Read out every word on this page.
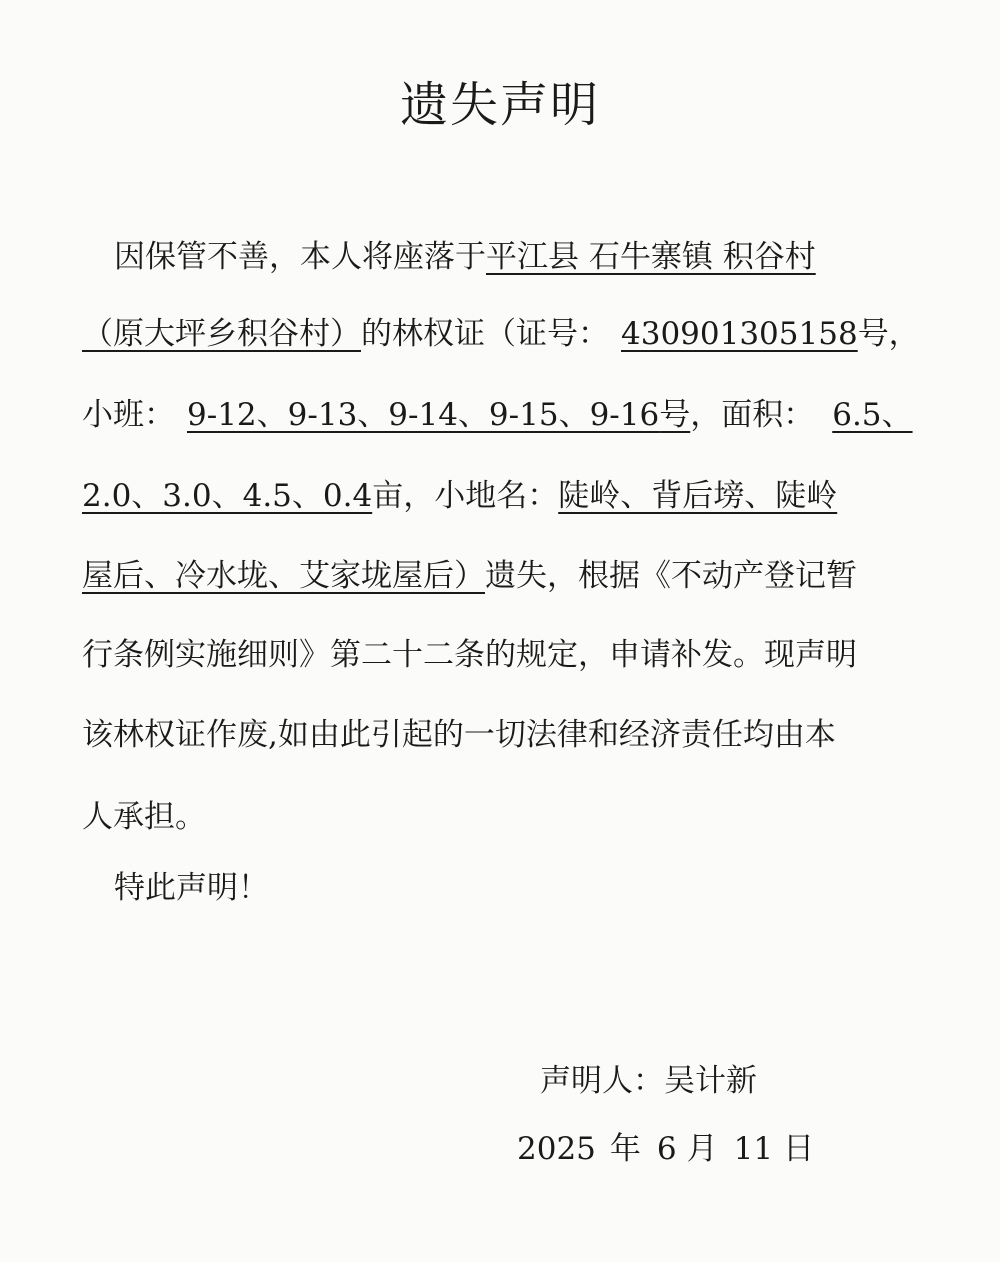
遗失声明
因保管不善，本人将座落于平江县 石牛寨镇 积谷村
（原大坪乡积谷村）的林权证（证号： 430901305158号，
小班： 9-12、9-13、9-14、9-15、9-16号，面积： 6.5、
2.0、3.0、4.5、0.4亩，小地名：陡岭、背后塝、陡岭
屋后、冷水垅、艾家垅屋后）遗失，根据《不动产登记暂
行条例实施细则》第二十二条的规定，申请补发。现声明
该林权证作废,如由此引起的一切法律和经济责任均由本
人承担。
特此声明！
声明人：吴计新
2025 年 6 月 11 日
